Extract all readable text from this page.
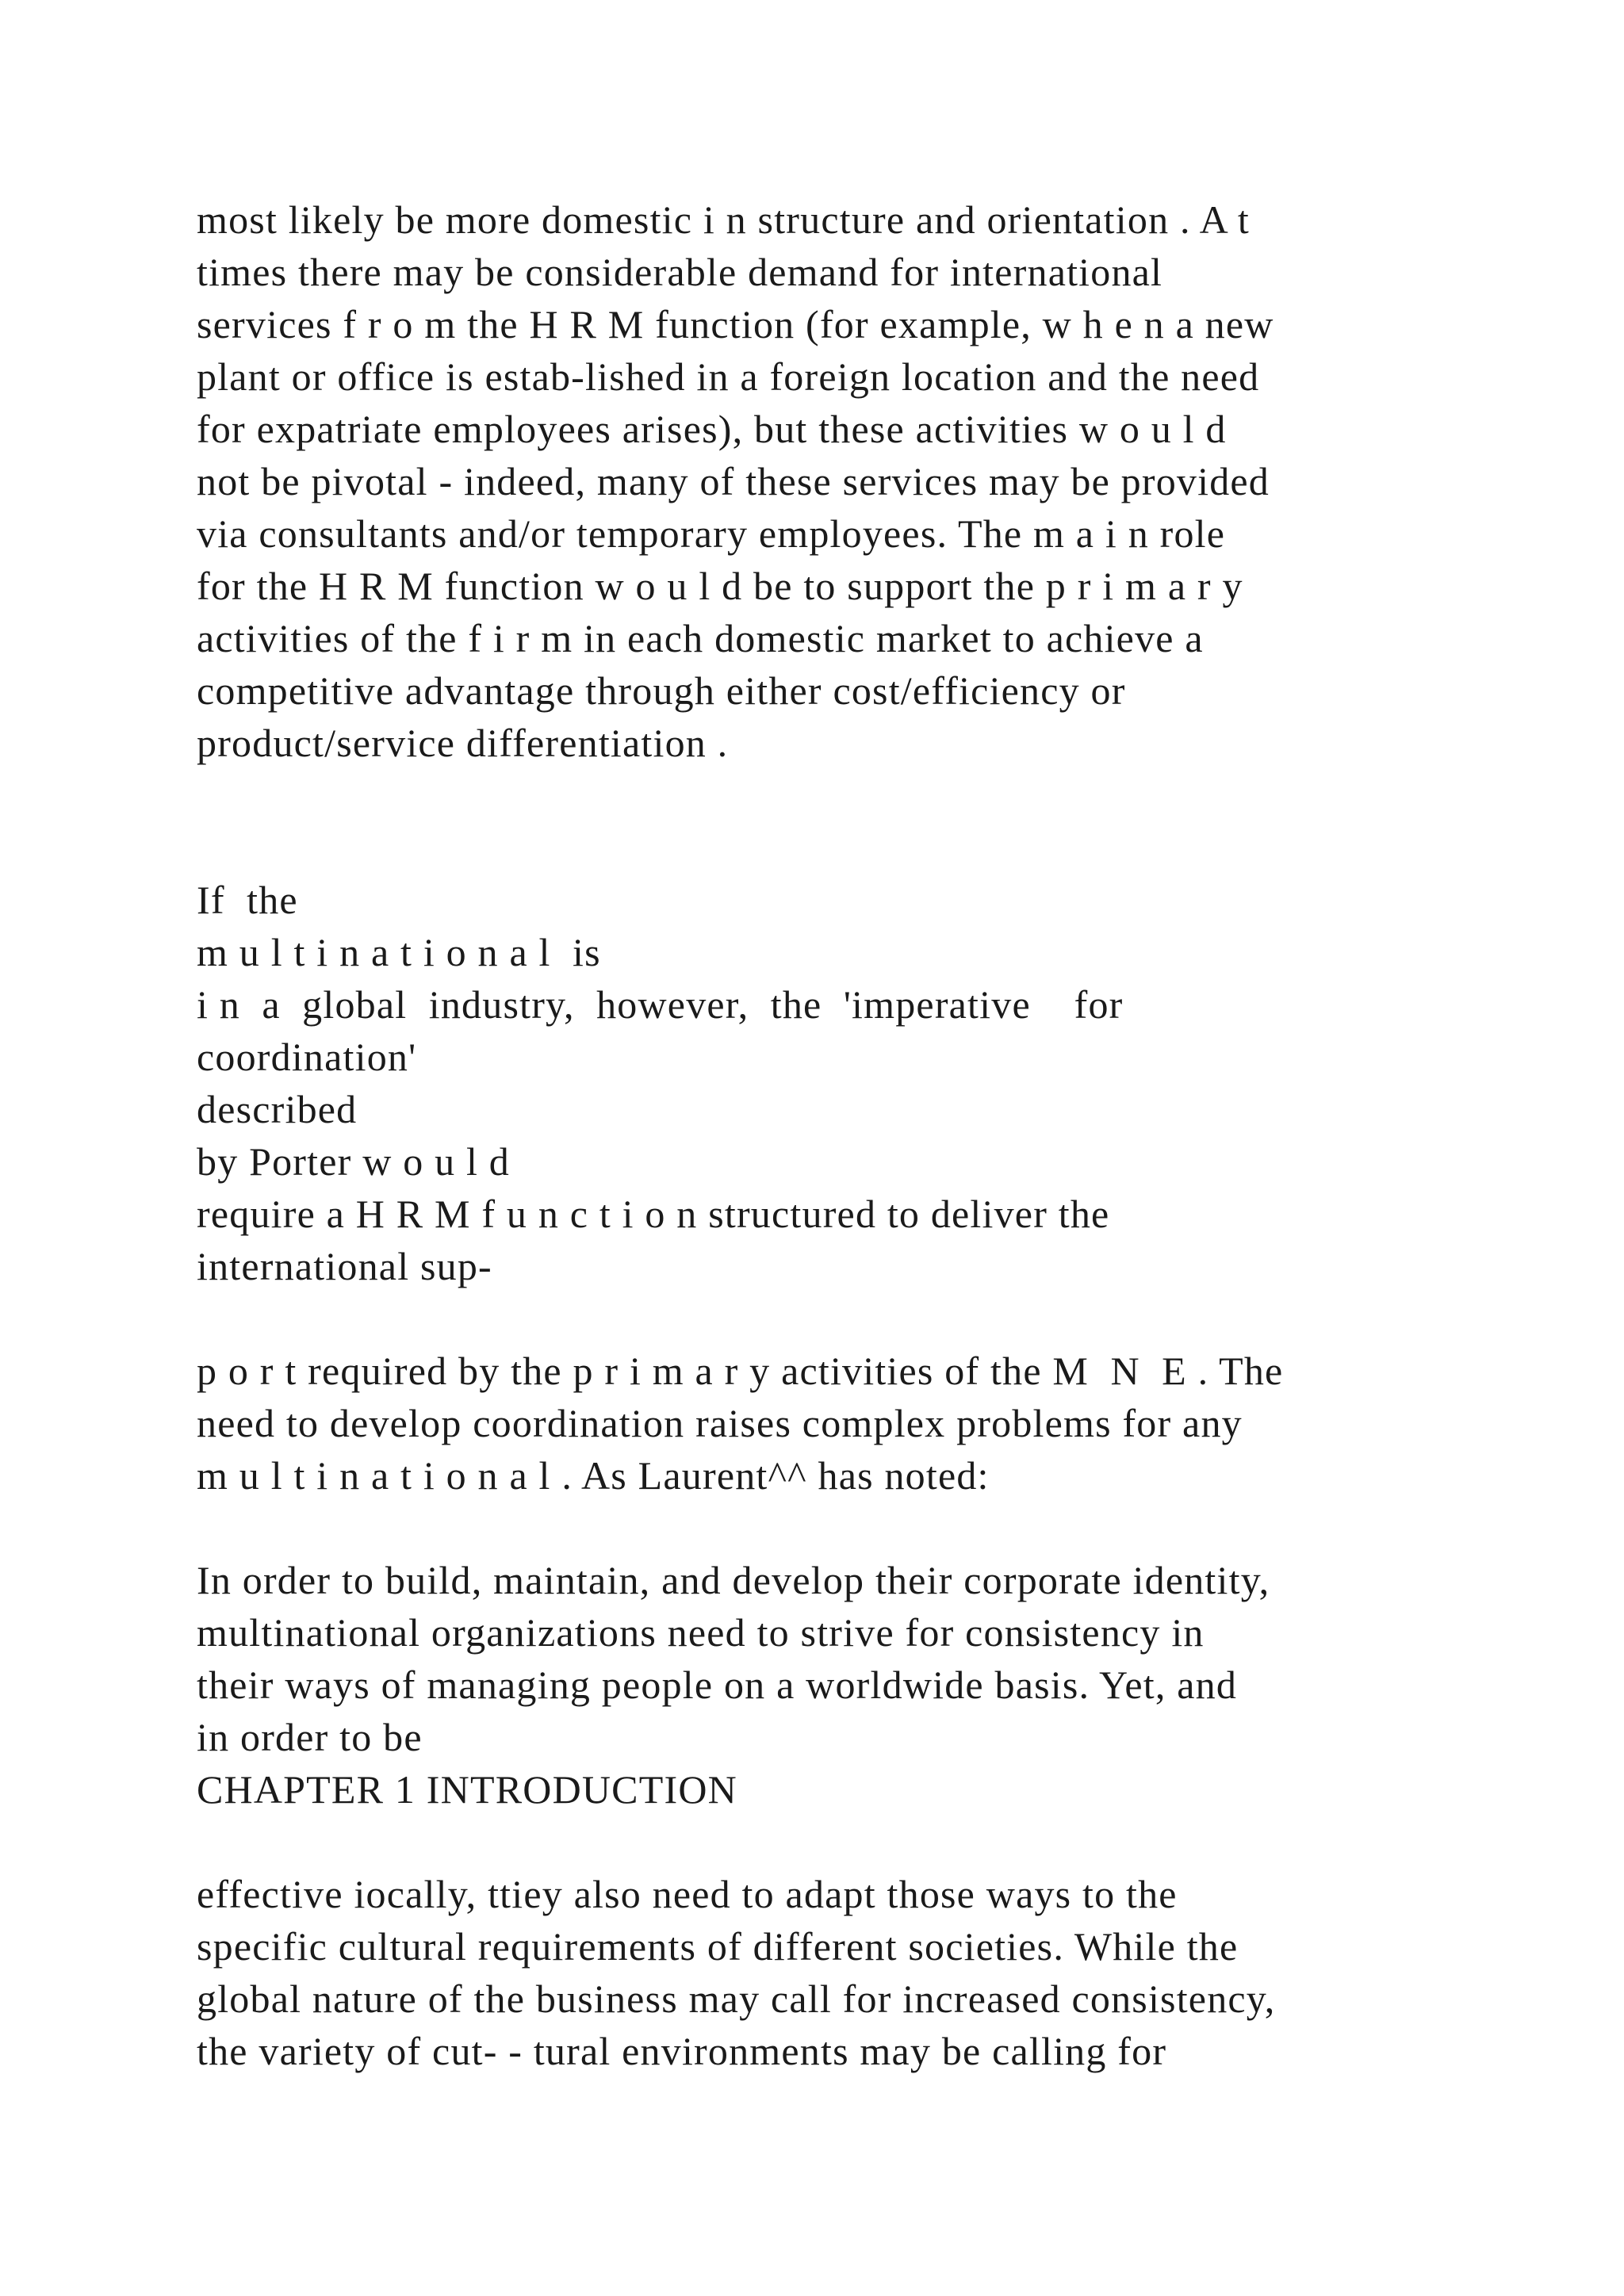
most likely be more domestic i n structure and orientation . A t
times there may be considerable demand for international
services f r o m the H R M function (for example, w h e n a new
plant or office is estab-lished in a foreign location and the need
for expatriate employees arises), but these activities w o u l d
not be pivotal - indeed, many of these services may be provided
via consultants and/or temporary employees. The m a i n role
for the H R M function w o u l d be to support the p r i m a r y
activities of the f i r m in each domestic market to achieve a
competitive advantage through either cost/efficiency or
product/service differentiation .
If  the
m u l t i n a t i o n a l  is
i n  a  global  industry,  however,  the  'imperative    for
coordination'
described
by Porter w o u l d
require a H R M f u n c t i o n structured to deliver the
international sup-
p o r t required by the p r i m a r y activities of the M  N  E . The
need to develop coordination raises complex problems for any
m u l t i n a t i o n a l . As Laurent^^ has noted:
In order to build, maintain, and develop their corporate identity,
multinational organizations need to strive for consistency in
their ways of managing people on a worldwide basis. Yet, and
in order to be
CHAPTER 1 INTRODUCTION
effective iocally, ttiey also need to adapt those ways to the
specific cultural requirements of different societies. While the
global nature of the business may call for increased consistency,
the variety of cut- - tural environments may be calling for
